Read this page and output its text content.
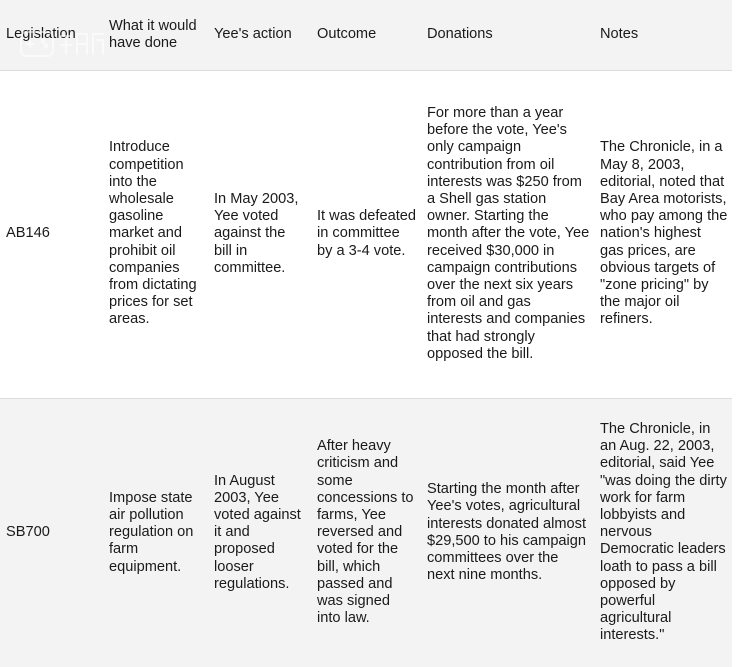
Legislation	What it would have done	Yee's action	Outcome	Donations	Notes

AB146	Introduce competition into the wholesale gasoline market and prohibit oil companies from dictating prices for set areas.	In May 2003, Yee voted against the bill in committee.	It was defeated in committee by a 3-4 vote.	For more than a year before the vote, Yee's only campaign contribution from oil interests was $250 from a Shell gas station owner. Starting the month after the vote, Yee received $30,000 in campaign contributions over the next six years from oil and gas interests and companies that had strongly opposed the bill.	The Chronicle, in a May 8, 2003, editorial, noted that Bay Area motorists, who pay among the nation's highest gas prices, are obvious targets of "zone pricing" by the major oil refiners.

SB700	Impose state air pollution regulation on farm equipment.	In August 2003, Yee voted against it and proposed looser regulations.	After heavy criticism and some concessions to farms, Yee reversed and voted for the bill, which passed and was signed into law.	Starting the month after Yee's votes, agricultural interests donated almost $29,500 to his campaign committees over the next nine months.	The Chronicle, in an Aug. 22, 2003, editorial, said Yee "was doing the dirty work for farm lobbyists and nervous Democratic leaders loath to pass a bill opposed by powerful agricultural interests."
